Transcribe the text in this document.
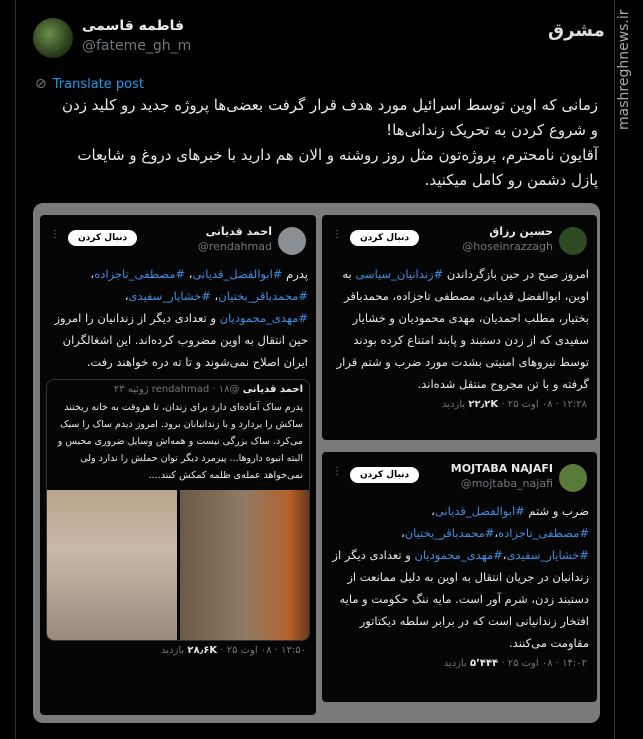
فاطمه قاسمی
@fateme_gh_m
مشرق mashreghnews.ir
⊘ Translate post
زمانی که اوین توسط اسرائیل مورد هدف قرار گرفت بعضی‌ها پروژه جدید رو کلید زدن
و شروع کردن به تحریک زندانی‌ها!
آقایون نامحترم، پروژه‌تون مثل روز روشنه و الان هم دارید با خبرهای دروغ و شایعات
پازل دشمن رو کامل میکنید.
حسین رزاق
@hoseinrazzagh
دنبال کردن
⋮
امروز صبح در حین بازگرداندن #زندانیان_سیاسی به اوین، ابوالفضل قدیانی، مصطفی تاجزاده، محمدباقر بختیار، مطلب احمدیان، مهدی محمودیان و خشایار سفیدی که از زدن دستبند و پابند امتناع کرده بودند توسط نیروهای امنیتی بشدت مورد ضرب و شتم قرار گرفته و با تن مجروح منتقل شده‌اند.
۱۲:۲۸ · ۰۸ اوت ۲۵ · ۲۲٫۲K بازدید
MOJTABA NAJAFI
@mojtaba_najafi
دنبال کردن
⋮
ضرب و شتم #ابوالفضل_قدیانی، #مصطفی_تاجزاده،#محمدباقر_بختیان، #خشایار_سفیدی،#مهدی_محمودیان و تعدادی دیگر از زندانیان در جریان انتقال به اوین به دلیل ممانعت از دستبند زدن، شرم آور است. مایه ننگ حکومت و مایه افتخار زندانیانی است که در برابر سلطه دیکتاتور مقاومت می‌کنند.
۱۴:۰۲ · ۰۸ اوت ۲۵ · ۵٬۴۴۴ بازدید
احمد قدیانی
@rendahmad
دنبال کردن
⋮
پدرم #ابوالفضل_قدیانی، #مصطفی_تاجزاده، #محمدباقر_بختیان، #خشایار_سفیدی، #مهدی_محمودیان و تعدادی دیگر از زندانیان را امروز حین انتقال به اوین مضروب کرده‌اند. این اشغالگران ایران اصلاح نمی‌شوند و تا ته دره خواهند رفت.
احمد قدیانی @rendahmad · ۱۸ ژوئیه ۲۳
پدرم ساک آماده‌ای دارد برای زندان، تا هروقت به خانه ریختند ساکش را بردارد و با زندانبانان برود. امروز دیدم ساک را سبک می‌کرد. ساک بزرگی نیست و همه‌اش وسایل ضروری محبس و البته انبوه داروها... پیرمرد دیگر توان حملش را ندارد ولی نمی‌خواهد عمله‌ی ظلمه کمکش کنند....
۱۳:۵۰ · ۰۸ اوت ۲۵ · ۲۸٫۶K بازدید
